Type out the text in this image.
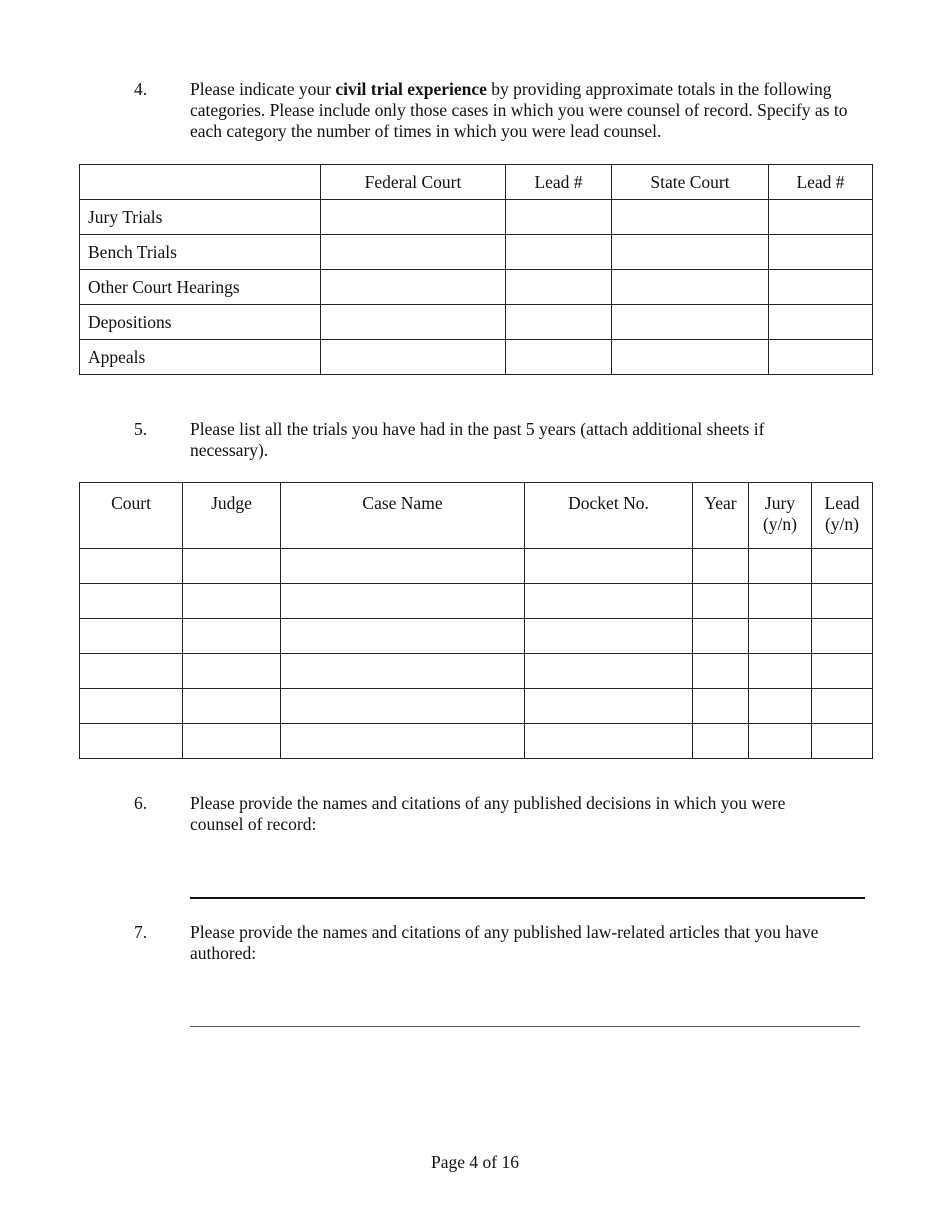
4. Please indicate your civil trial experience by providing approximate totals in the following categories. Please include only those cases in which you were counsel of record. Specify as to each category the number of times in which you were lead counsel.
	Federal Court	Lead #	State Court	Lead #
Jury Trials				
Bench Trials				
Other Court Hearings				
Depositions				
Appeals				
5. Please list all the trials you have had in the past 5 years (attach additional sheets if necessary).
Court	Judge	Case Name	Docket No.	Year	Jury (y/n)	Lead (y/n)

6. Please provide the names and citations of any published decisions in which you were counsel of record:
7. Please provide the names and citations of any published law-related articles that you have authored:
Page 4 of 16
